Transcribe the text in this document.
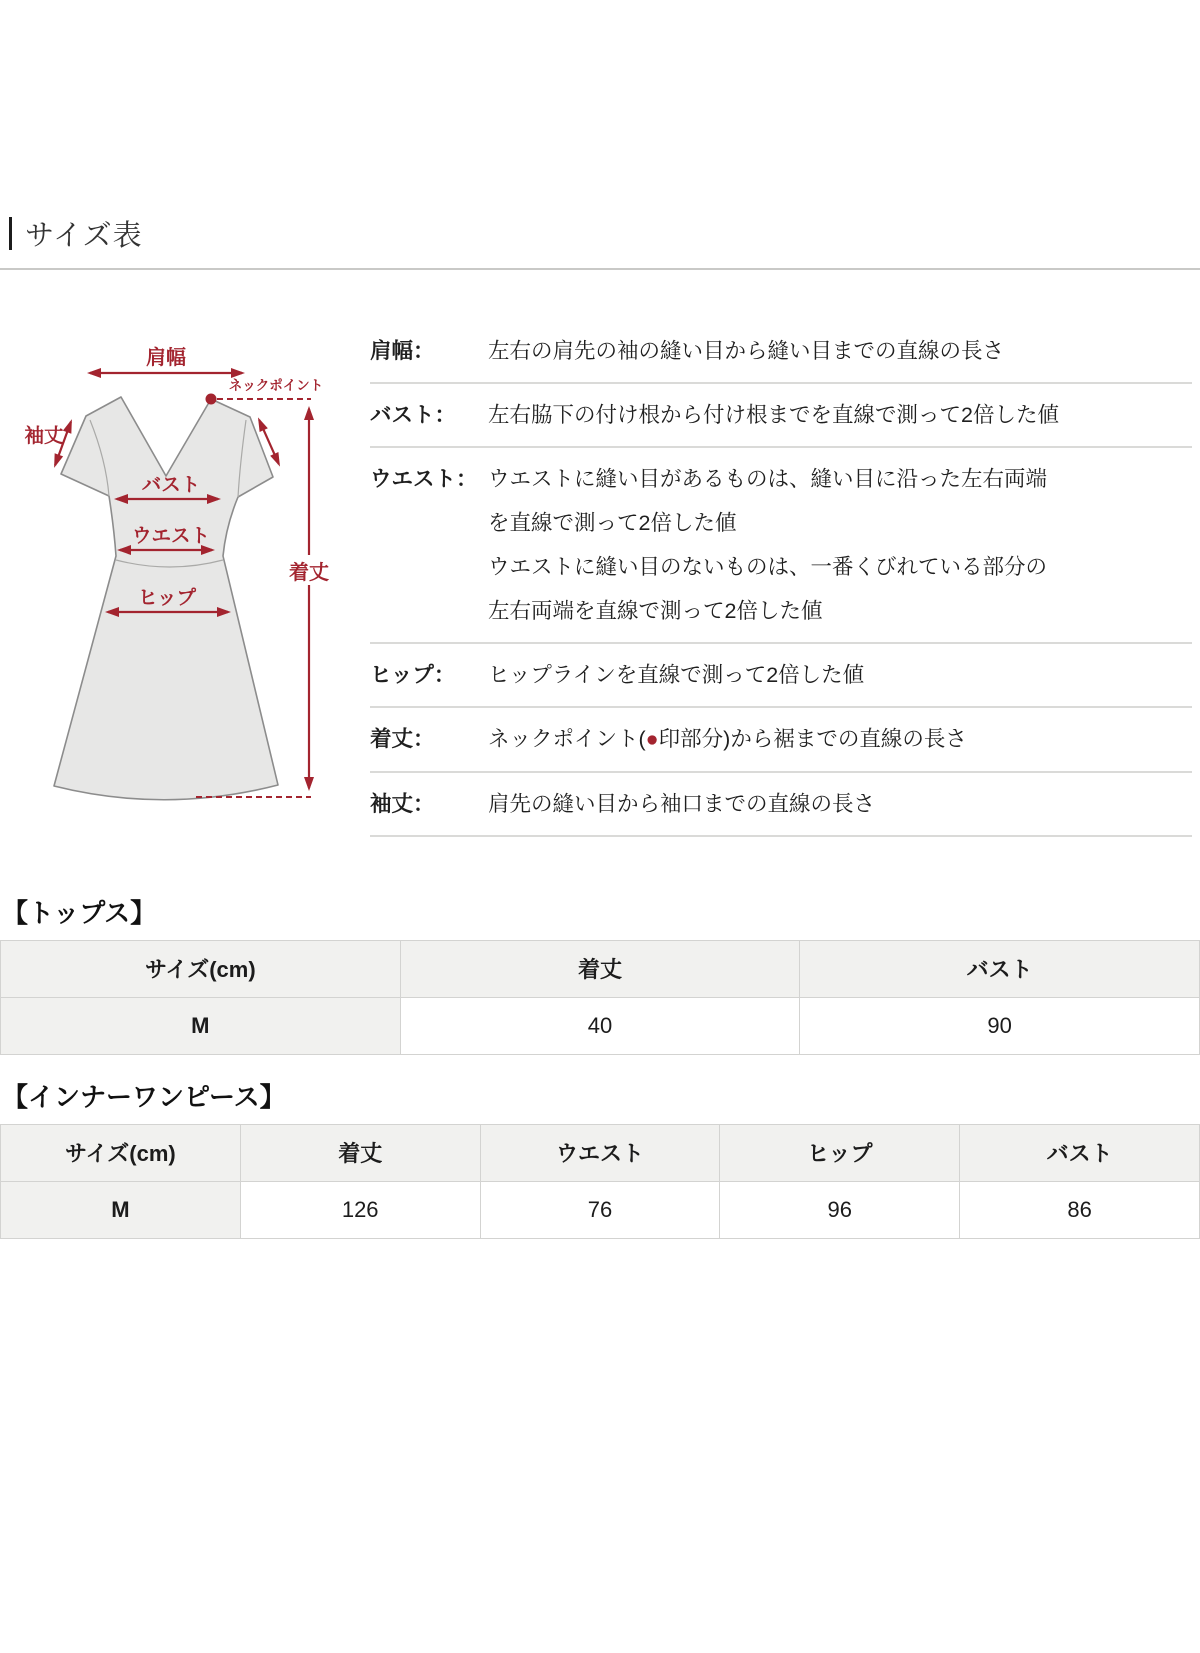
サイズ表
肩幅
ネックポイント
袖丈
バスト
ウエスト
ヒップ
着丈
肩幅：	左右の肩先の袖の縫い目から縫い目までの直線の長さ
バスト：	左右脇下の付け根から付け根までを直線で測って2倍した値
ウエスト： ウエストに縫い目があるものは、縫い目に沿った左右両端
を直線で測って2倍した値
ウエストに縫い目のないものは、一番くびれている部分の
左右両端を直線で測って2倍した値
ヒップ：	ヒップラインを直線で測って2倍した値
着丈：	ネックポイント(●印部分)から裾までの直線の長さ
袖丈：	肩先の縫い目から袖口までの直線の長さ
【トップス】
サイズ(cm)	着丈	バスト
M	40	90
【インナーワンピース】
サイズ(cm)	着丈	ウエスト	ヒップ	バスト
M	126	76	96	86
